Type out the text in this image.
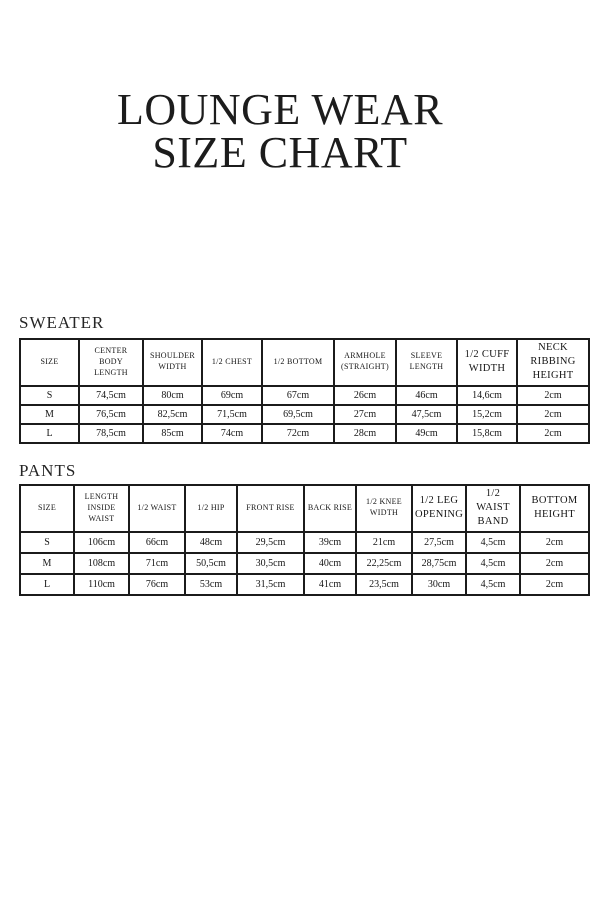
LOUNGE WEAR
SIZE CHART
SWEATER
SIZE	CENTER BODY LENGTH	SHOULDER WIDTH	1/2 CHEST	1/2 BOTTOM	ARMHOLE (STRAIGHT)	SLEEVE LENGTH	1/2 CUFF WIDTH	NECK RIBBING HEIGHT
S	74,5cm	80cm	69cm	67cm	26cm	46cm	14,6cm	2cm
M	76,5cm	82,5cm	71,5cm	69,5cm	27cm	47,5cm	15,2cm	2cm
L	78,5cm	85cm	74cm	72cm	28cm	49cm	15,8cm	2cm
PANTS
SIZE	LENGTH INSIDE WAIST	1/2 WAIST	1/2 HIP	FRONT RISE	BACK RISE	1/2 KNEE WIDTH	1/2 LEG OPENING	1/2 WAIST BAND	BOTTOM HEIGHT
S	106cm	66cm	48cm	29,5cm	39cm	21cm	27,5cm	4,5cm	2cm
M	108cm	71cm	50,5cm	30,5cm	40cm	22,25cm	28,75cm	4,5cm	2cm
L	110cm	76cm	53cm	31,5cm	41cm	23,5cm	30cm	4,5cm	2cm
